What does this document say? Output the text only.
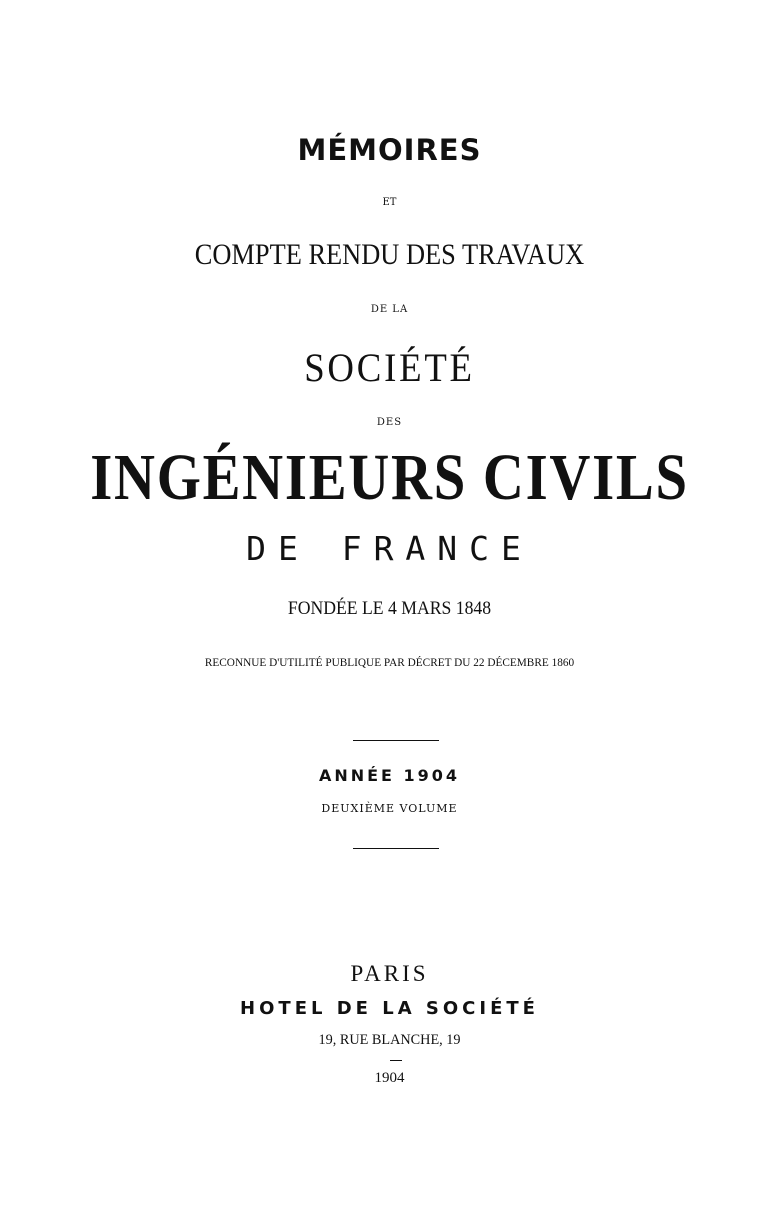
MÉMOIRES

ET

COMPTE RENDU DES TRAVAUX

DE LA

SOCIÉTÉ

DES

INGÉNIEURS CIVILS

DE FRANCE

FONDÉE LE 4 MARS 1848

RECONNUE D'UTILITÉ PUBLIQUE PAR DÉCRET DU 22 DÉCEMBRE 1860

ANNÉE 1904

DEUXIÈME VOLUME

PARIS

HOTEL DE LA SOCIÉTÉ

19, RUE BLANCHE, 19

1904
